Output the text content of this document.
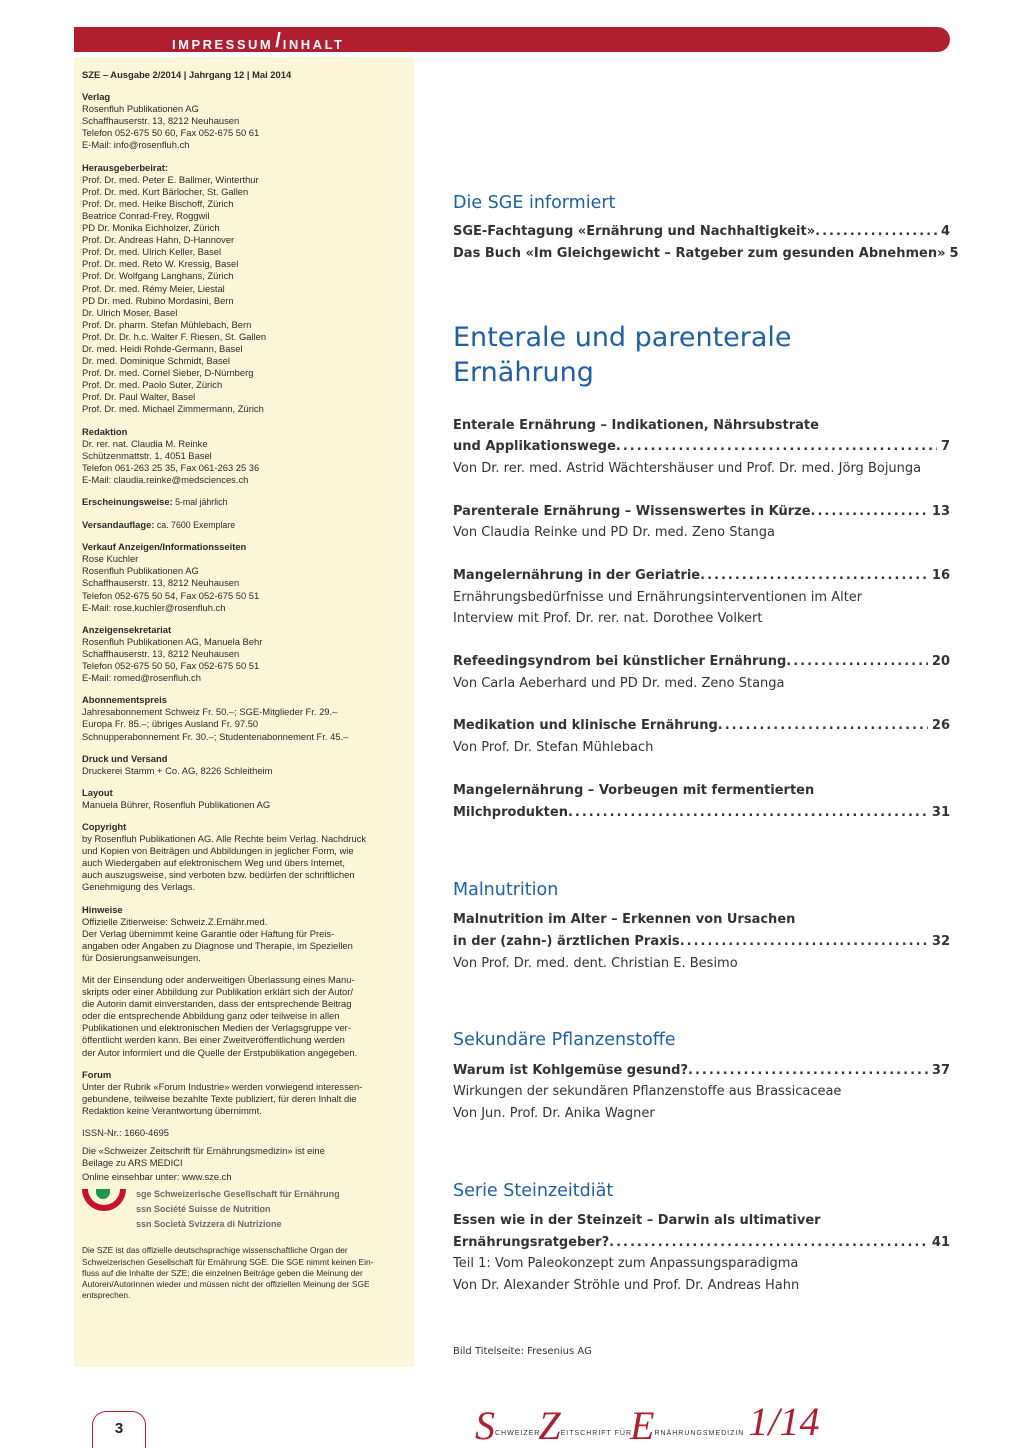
IMPRESSUM / INHALT
SZE – Ausgabe 2/2014 | Jahrgang 12 | Mai 2014
Verlag
Rosenfluh Publikationen AG
Schaffhauserstr. 13, 8212 Neuhausen
Telefon 052-675 50 60, Fax 052-675 50 61
E-Mail: info@rosenfluh.ch
Herausgeberbeirat:
Prof. Dr. med. Peter E. Ballmer, Winterthur
Prof. Dr. med. Kurt Bärlocher, St. Gallen
Prof. Dr. med. Heike Bischoff, Zürich
Beatrice Conrad-Frey, Roggwil
PD Dr. Monika Eichholzer, Zürich
Prof. Dr. Andreas Hahn, D-Hannover
Prof. Dr. med. Ulrich Keller, Basel
Prof. Dr. med. Reto W. Kressig, Basel
Prof. Dr. Wolfgang Langhans, Zürich
Prof. Dr. med. Rémy Meier, Liestal
PD Dr. med. Rubino Mordasini, Bern
Dr. Ulrich Moser, Basel
Prof. Dr. pharm. Stefan Mühlebach, Bern
Prof. Dr. Dr. h.c. Walter F. Riesen, St. Gallen
Dr. med. Heidi Rohde-Germann, Basel
Dr. med. Dominique Schmidt, Basel
Prof. Dr. med. Cornel Sieber, D-Nürnberg
Prof. Dr. med. Paolo Suter, Zürich
Prof. Dr. Paul Walter, Basel
Prof. Dr. med. Michael Zimmermann, Zürich
Redaktion
Dr. rer. nat. Claudia M. Reinke
Schützenmattstr. 1, 4051 Basel
Telefon 061-263 25 35, Fax 061-263 25 36
E-Mail: claudia.reinke@medsciences.ch
Erscheinungsweise: 5-mal jährlich
Versandauflage: ca. 7600 Exemplare
Verkauf Anzeigen/Informationsseiten
Rose Kuchler
Rosenfluh Publikationen AG
Schaffhauserstr. 13, 8212 Neuhausen
Telefon 052-675 50 54, Fax 052-675 50 51
E-Mail: rose.kuchler@rosenfluh.ch
Anzeigensekretariat
Rosenfluh Publikationen AG, Manuela Behr
Schaffhauserstr. 13, 8212 Neuhausen
Telefon 052-675 50 50, Fax 052-675 50 51
E-Mail: romed@rosenfluh.ch
Abonnementspreis
Jahresabonnement Schweiz Fr. 50.–; SGE-Mitglieder Fr. 29.–
Europa Fr. 85.–; übriges Ausland Fr. 97.50
Schnupperabonnement Fr. 30.–; Studentenabonnement Fr. 45.–
Druck und Versand
Druckerei Stamm + Co. AG, 8226 Schleitheim
Layout
Manuela Bührer, Rosenfluh Publikationen AG
Copyright
by Rosenfluh Publikationen AG. Alle Rechte beim Verlag. Nachdruck
und Kopien von Beiträgen und Abbildungen in jeglicher Form, wie
auch Wiedergaben auf elektronischem Weg und übers Internet,
auch auszugsweise, sind verboten bzw. bedürfen der schriftlichen
Genehmigung des Verlags.
Hinweise
Offizielle Zitierweise: Schweiz.Z.Ernähr.med.
Der Verlag übernimmt keine Garantie oder Haftung für Preis-
angaben oder Angaben zu Diagnose und Therapie, im Speziellen
für Dosierungsanweisungen.
Mit der Einsendung oder anderweitigen Überlassung eines Manu-
skripts oder einer Abbildung zur Publikation erklärt sich der Autor/
die Autorin damit einverstanden, dass der entsprechende Beitrag
oder die entsprechende Abbildung ganz oder teilweise in allen
Publikationen und elektronischen Medien der Verlagsgruppe ver-
öffentlicht werden kann. Bei einer Zweitveröffentlichung werden
der Autor informiert und die Quelle der Erstpublikation angegeben.
Forum
Unter der Rubrik «Forum Industrie» werden vorwiegend interessen-
gebundene, teilweise bezahlte Texte publiziert, für deren Inhalt die
Redaktion keine Verantwortung übernimmt.
ISSN-Nr.: 1660-4695
Die «Schweizer Zeitschrift für Ernährungsmedizin» ist eine
Beilage zu ARS MEDICI
Online einsehbar unter: www.sze.ch
sge Schweizerische Gesellschaft für Ernährung
ssn Société Suisse de Nutrition
ssn Società Svizzera di Nutrizione
Die SZE ist das offizielle deutschsprachige wissenschaftliche Organ der
Schweizerischen Gesellschaft für Ernährung SGE. Die SGE nimmt keinen Ein-
fluss auf die Inhalte der SZE; die einzelnen Beiträge geben die Meinung der
Autoren/Autorinnen wieder und müssen nicht der offiziellen Meinung der SGE
entsprechen.
Die SGE informiert
SGE-Fachtagung «Ernährung und Nachhaltigkeit» .....	4
Das Buch «Im Gleichgewicht – Ratgeber zum gesunden Abnehmen» 5
Enterale und parenterale
Ernährung
Enterale Ernährung – Indikationen, Nährsubstrate
und Applikationswege .....	7
Von Dr. rer. med. Astrid Wächtershäuser und Prof. Dr. med. Jörg Bojunga
Parenterale Ernährung – Wissenswertes in Kürze .....	13
Von Claudia Reinke und PD Dr. med. Zeno Stanga
Mangelernährung in der Geriatrie .....	16
Ernährungsbedürfnisse und Ernährungsinterventionen im Alter
Interview mit Prof. Dr. rer. nat. Dorothee Volkert
Refeedingsyndrom bei künstlicher Ernährung .....	20
Von Carla Aeberhard und PD Dr. med. Zeno Stanga
Medikation und klinische Ernährung .....	26
Von Prof. Dr. Stefan Mühlebach
Mangelernährung – Vorbeugen mit fermentierten
Milchprodukten .....	31
Malnutrition
Malnutrition im Alter – Erkennen von Ursachen
in der (zahn-) ärztlichen Praxis .....	32
Von Prof. Dr. med. dent. Christian E. Besimo
Sekundäre Pflanzenstoffe
Warum ist Kohlgemüse gesund? .....	37
Wirkungen der sekundären Pflanzenstoffe aus Brassicaceae
Von Jun. Prof. Dr. Anika Wagner
Serie Steinzeitdiät
Essen wie in der Steinzeit – Darwin als ultimativer
Ernährungsratgeber? .....	41
Teil 1: Vom Paleokonzept zum Anpassungsparadigma
Von Dr. Alexander Ströhle und Prof. Dr. Andreas Hahn
Bild Titelseite: Fresenius AG
3	SCHWEIZER ZEITSCHRIFT FÜR ERNÄHRUNGSMEDIZIN 1/14
